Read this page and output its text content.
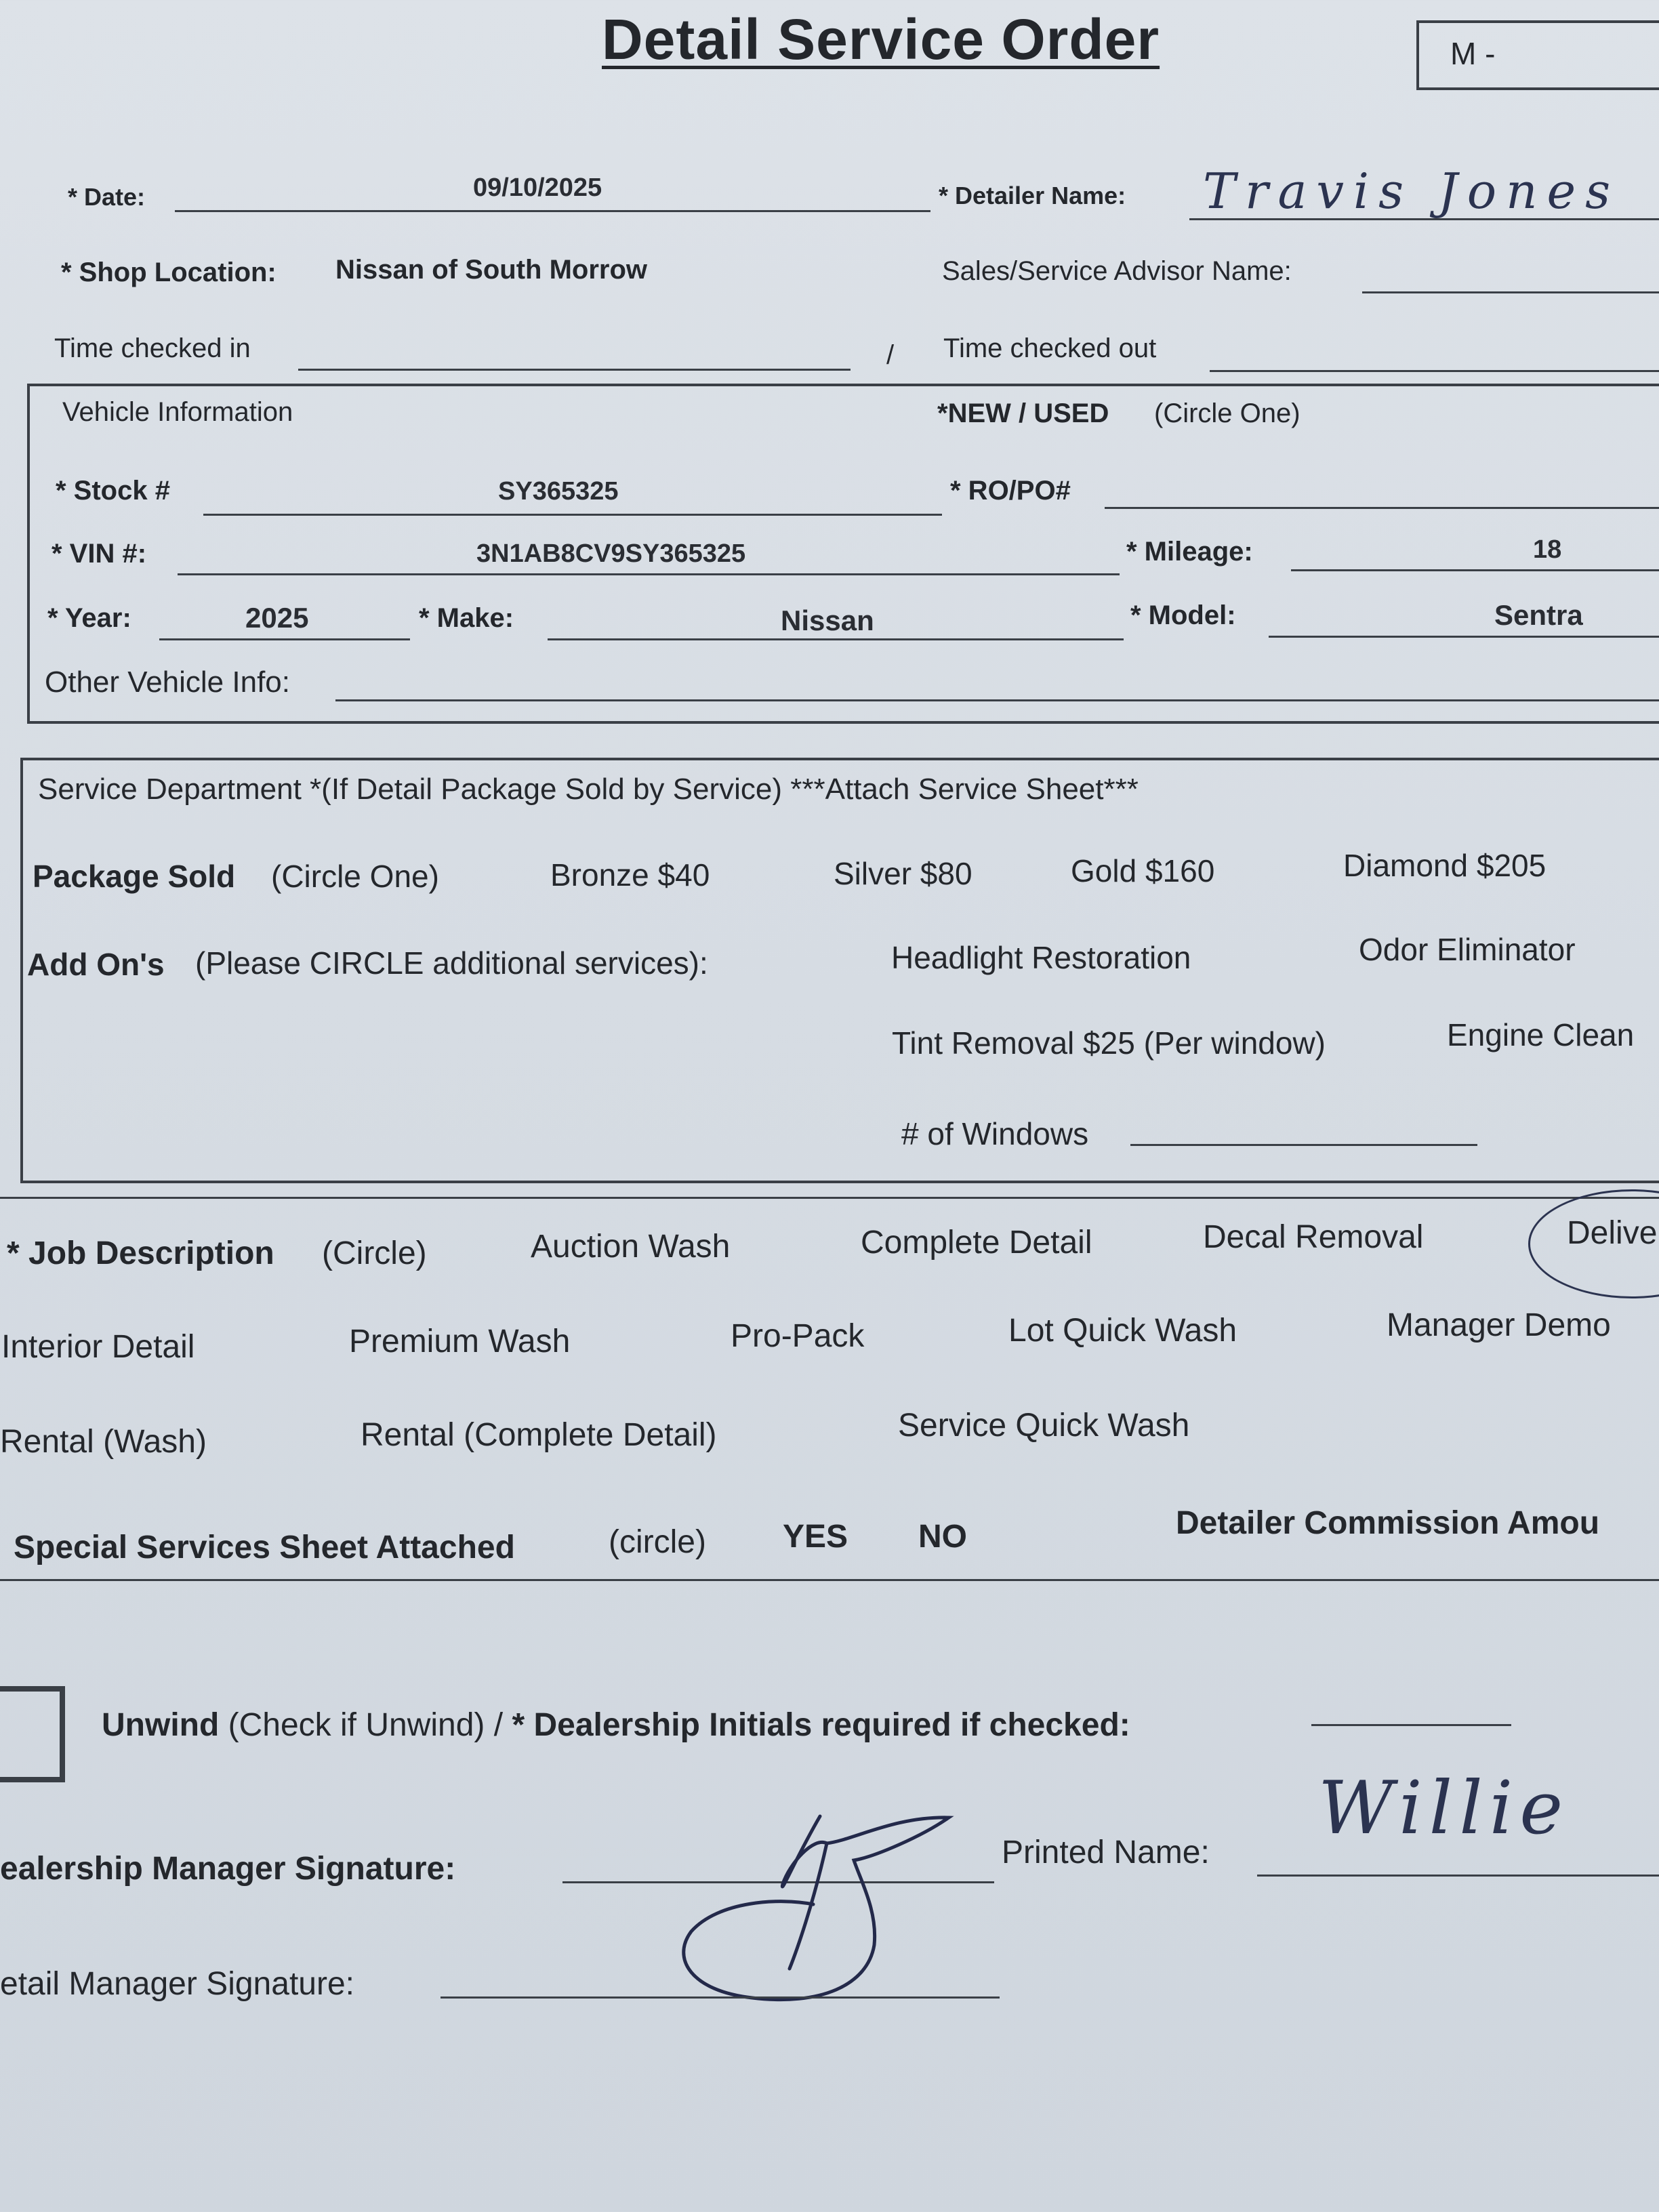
Detail Service Order	M -
* Date:	09/10/2025	* Detailer Name: Travis Jones
* Shop Location: Nissan of South Morrow	Sales/Service Advisor Name:
Time checked in	/ Time checked out
Vehicle Information	*NEW / USED (Circle One)
* Stock #	SY365325	* RO/PO#
* VIN #:	3N1AB8CV9SY365325	* Mileage:	18
* Year:	2025	* Make:	Nissan	* Model:	Sentra
Other Vehicle Info:
Service Department *(If Detail Package Sold by Service) ***Attach Service Sheet***
Package Sold (Circle One)	Bronze $40	Silver $80	Gold $160	Diamond $205
Add On's (Please CIRCLE additional services):	Headlight Restoration	Odor Eliminator
Tint Removal $25 (Per window)	Engine Clean
# of Windows
* Job Description (Circle)	Auction Wash	Complete Detail	Decal Removal	Delive
Interior Detail	Premium Wash	Pro-Pack	Lot Quick Wash	Manager Demo
Rental (Wash)	Rental (Complete Detail)	Service Quick Wash
Special Services Sheet Attached	(circle) YES NO	Detailer Commission Amou
Unwind (Check if Unwind) / * Dealership Initials required if checked:
ealership Manager Signature:	Printed Name:
Willie
etail Manager Signature:
